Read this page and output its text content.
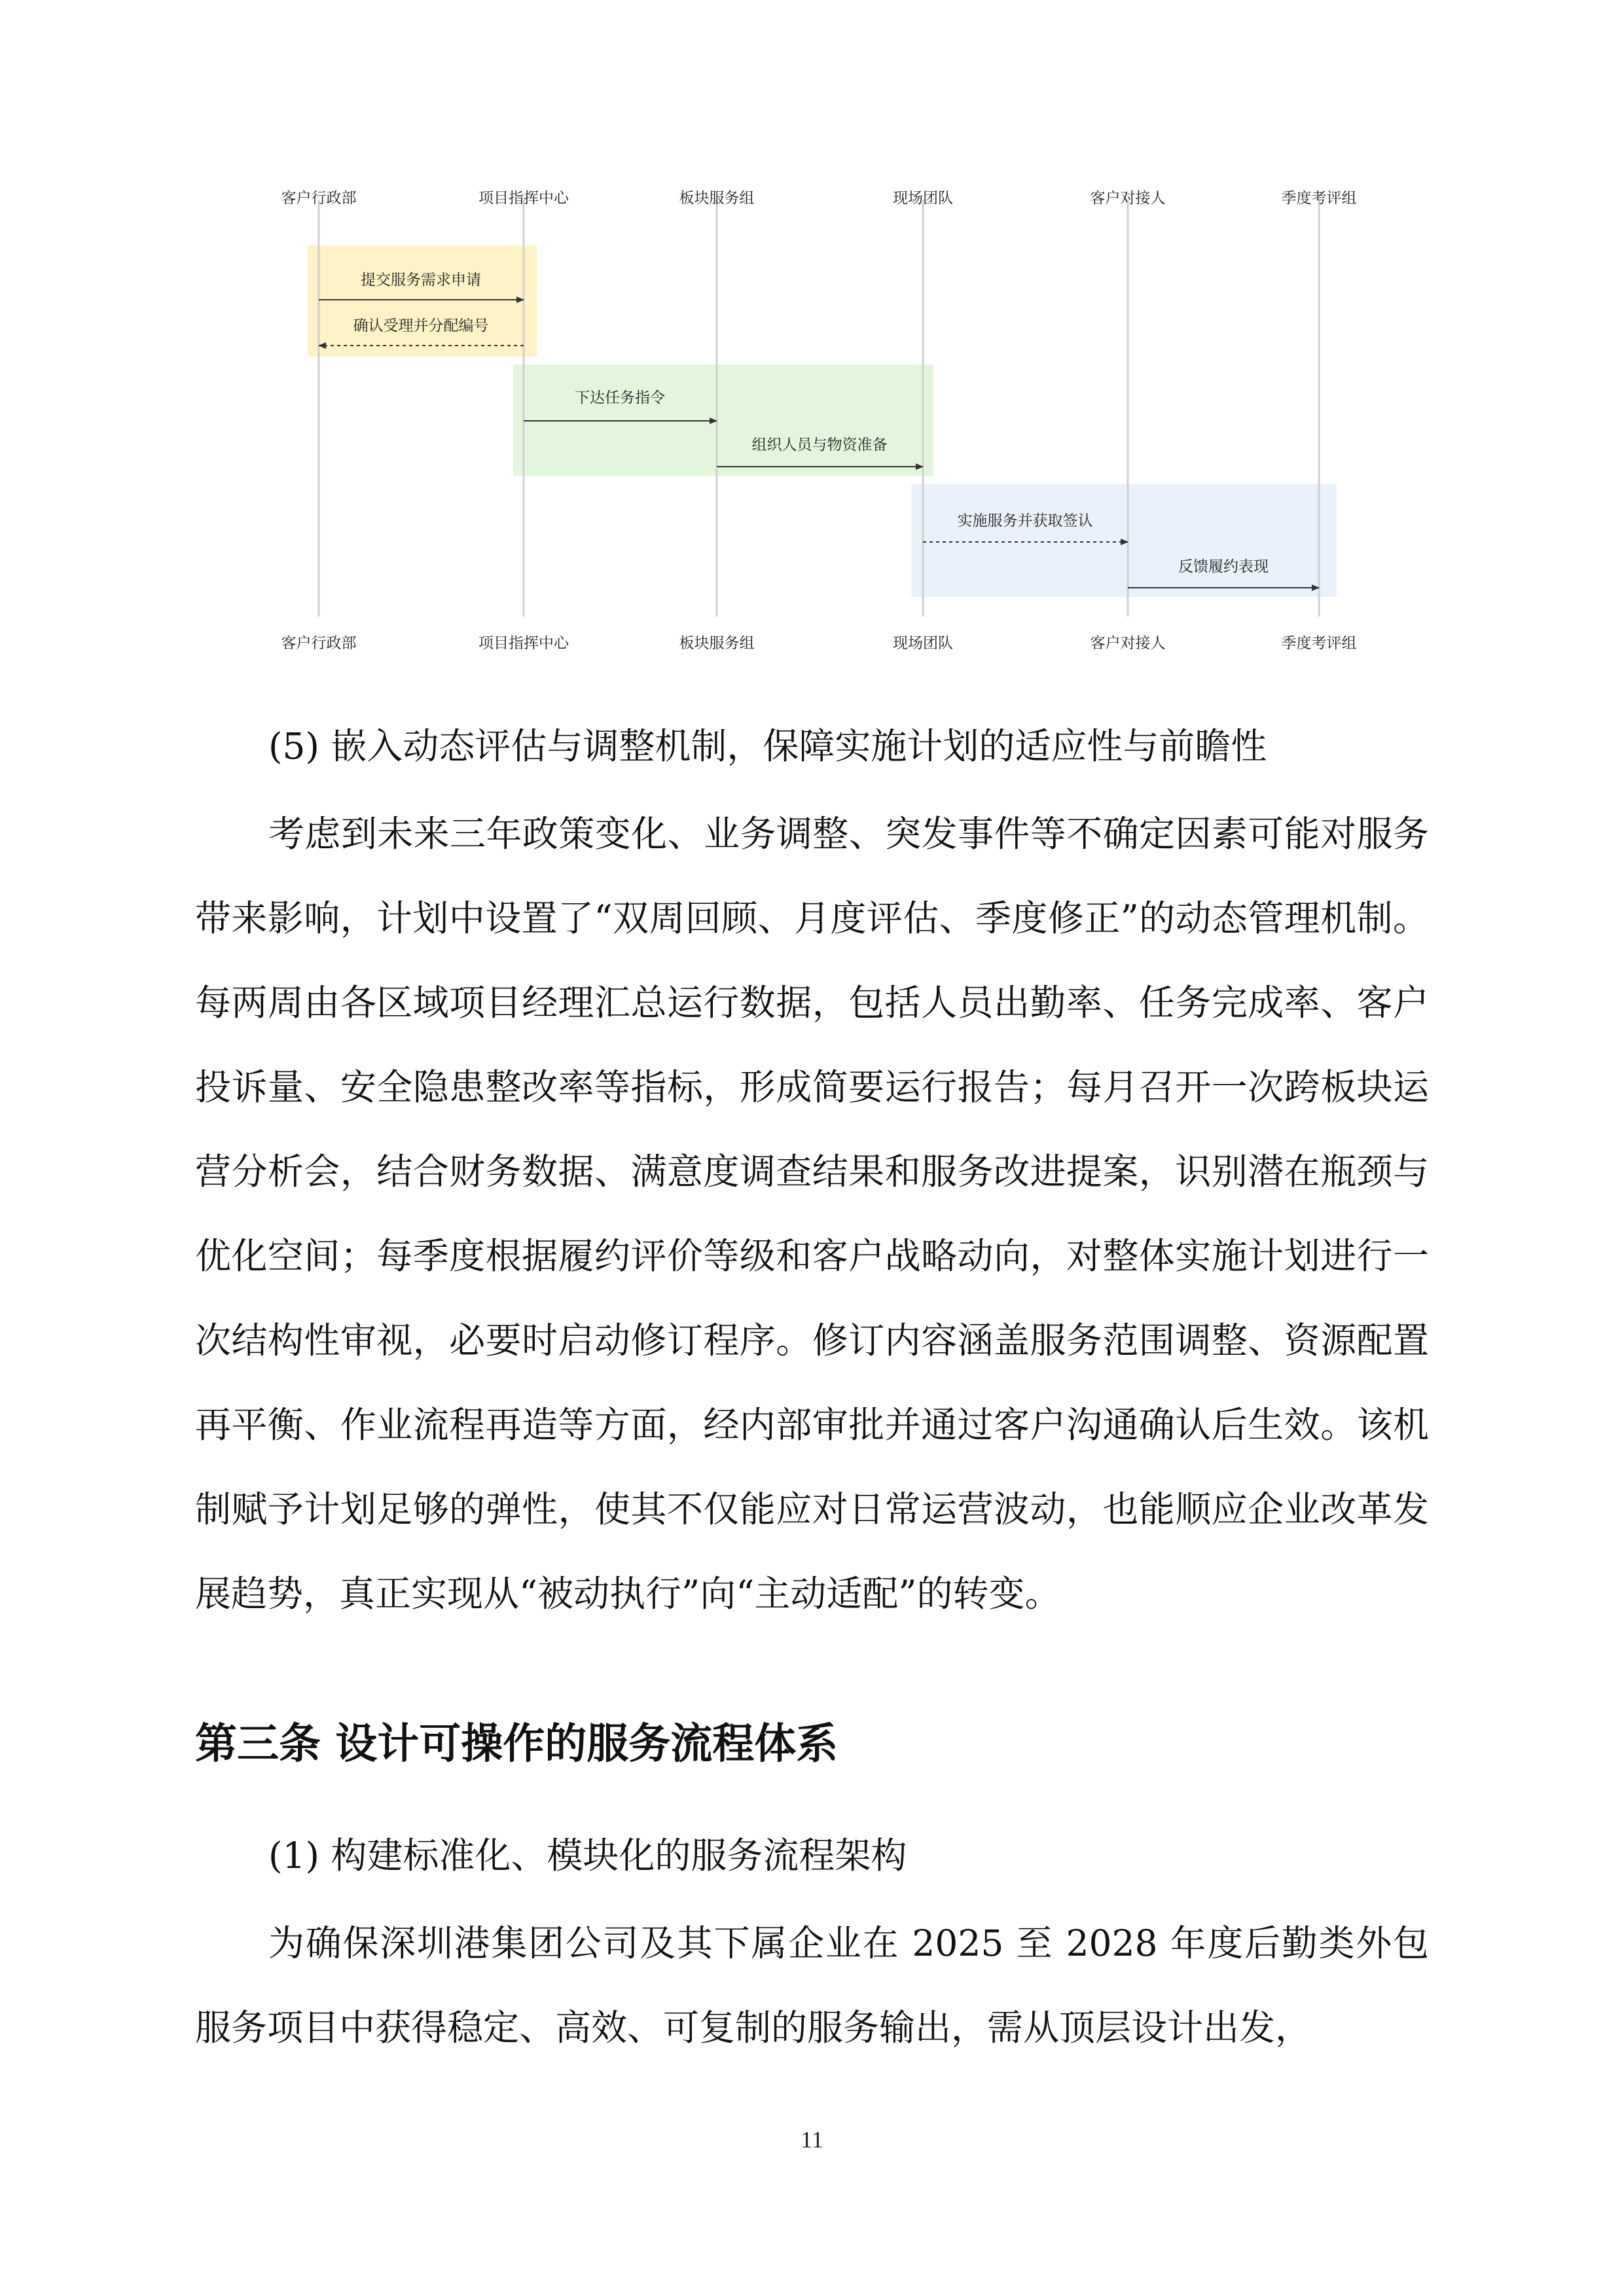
客户行政部	项目指挥中心	板块服务组	现场团队	客户对接人	季度考评组
提交服务需求申请
确认受理并分配编号
下达任务指令
组织人员与物资准备
实施服务并获取签认
反馈履约表现
客户行政部	项目指挥中心	板块服务组	现场团队	客户对接人	季度考评组
(5) 嵌入动态评估与调整机制，保障实施计划的适应性与前瞻性

考虑到未来三年政策变化、业务调整、突发事件等不确定因素可能对服务带来影响，计划中设置了“双周回顾、月度评估、季度修正”的动态管理机制。每两周由各区域项目经理汇总运行数据，包括人员出勤率、任务完成率、客户投诉量、安全隐患整改率等指标，形成简要运行报告；每月召开一次跨板块运营分析会，结合财务数据、满意度调查结果和服务改进提案，识别潜在瓶颈与优化空间；每季度根据履约评价等级和客户战略动向，对整体实施计划进行一次结构性审视，必要时启动修订程序。修订内容涵盖服务范围调整、资源配置再平衡、作业流程再造等方面，经内部审批并通过客户沟通确认后生效。该机制赋予计划足够的弹性，使其不仅能应对日常运营波动，也能顺应企业改革发展趋势，真正实现从“被动执行”向“主动适配”的转变。

第三条 设计可操作的服务流程体系
(1) 构建标准化、模块化的服务流程架构

为确保深圳港集团公司及其下属企业在 2025 至 2028 年度后勤类外包服务项目中获得稳定、高效、可复制的服务输出，需从顶层设计出发，

11
